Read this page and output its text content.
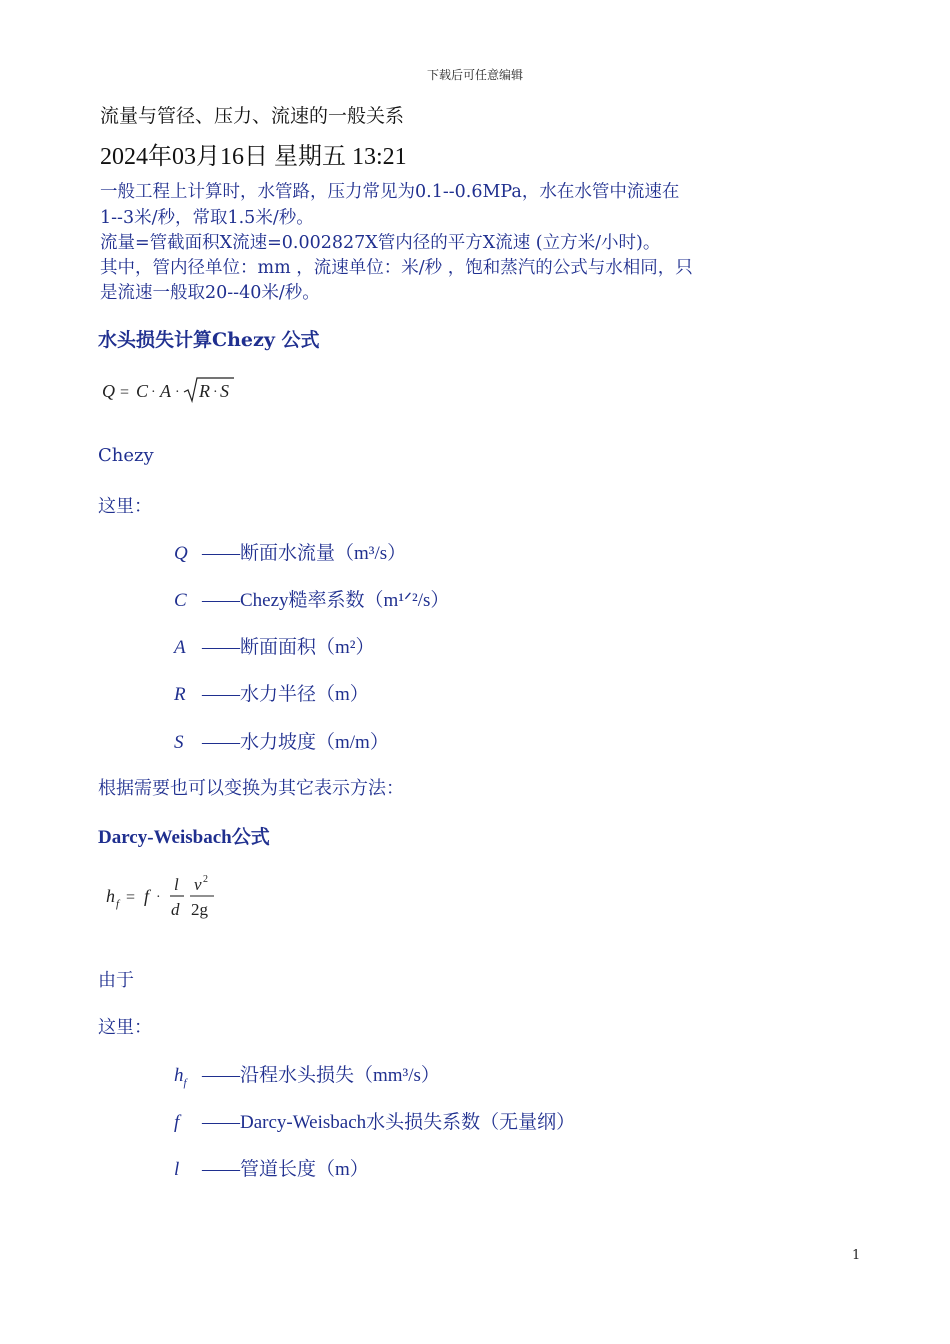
下载后可任意编辑
流量与管径、压力、流速的一般关系
2024年03月16日 星期五 13:21
一般工程上计算时，水管路，压力常见为0.1--0.6MPa，水在水管中流速在
1--3米/秒，常取1.5米/秒。
流量=管截面积X流速=0.002827X管内径的平方X流速 (立方米/小时)。
其中，管内径单位：mm ，流速单位：米/秒 ，饱和蒸汽的公式与水相同，只
是流速一般取20--40米/秒。
水头损失计算Chezy 公式
Q = C · A · R · S
Chezy
这里：
Q ——断面水流量（m³/s）
C ——Chezy糙率系数（m¹ᐟ²/s）
A ——断面面积（m²）
R ——水力半径（m）
S ——水力坡度（m/m）
根据需要也可以变换为其它表示方法：
Darcy-Weisbach公式
h f = f ·
l
d
v 2
2g
由于
这里：
$h_f$ ——沿程水头损失（mm³/s）
f ——Darcy-Weisbach水头损失系数（无量纲）
l ——管道长度（m）
1
